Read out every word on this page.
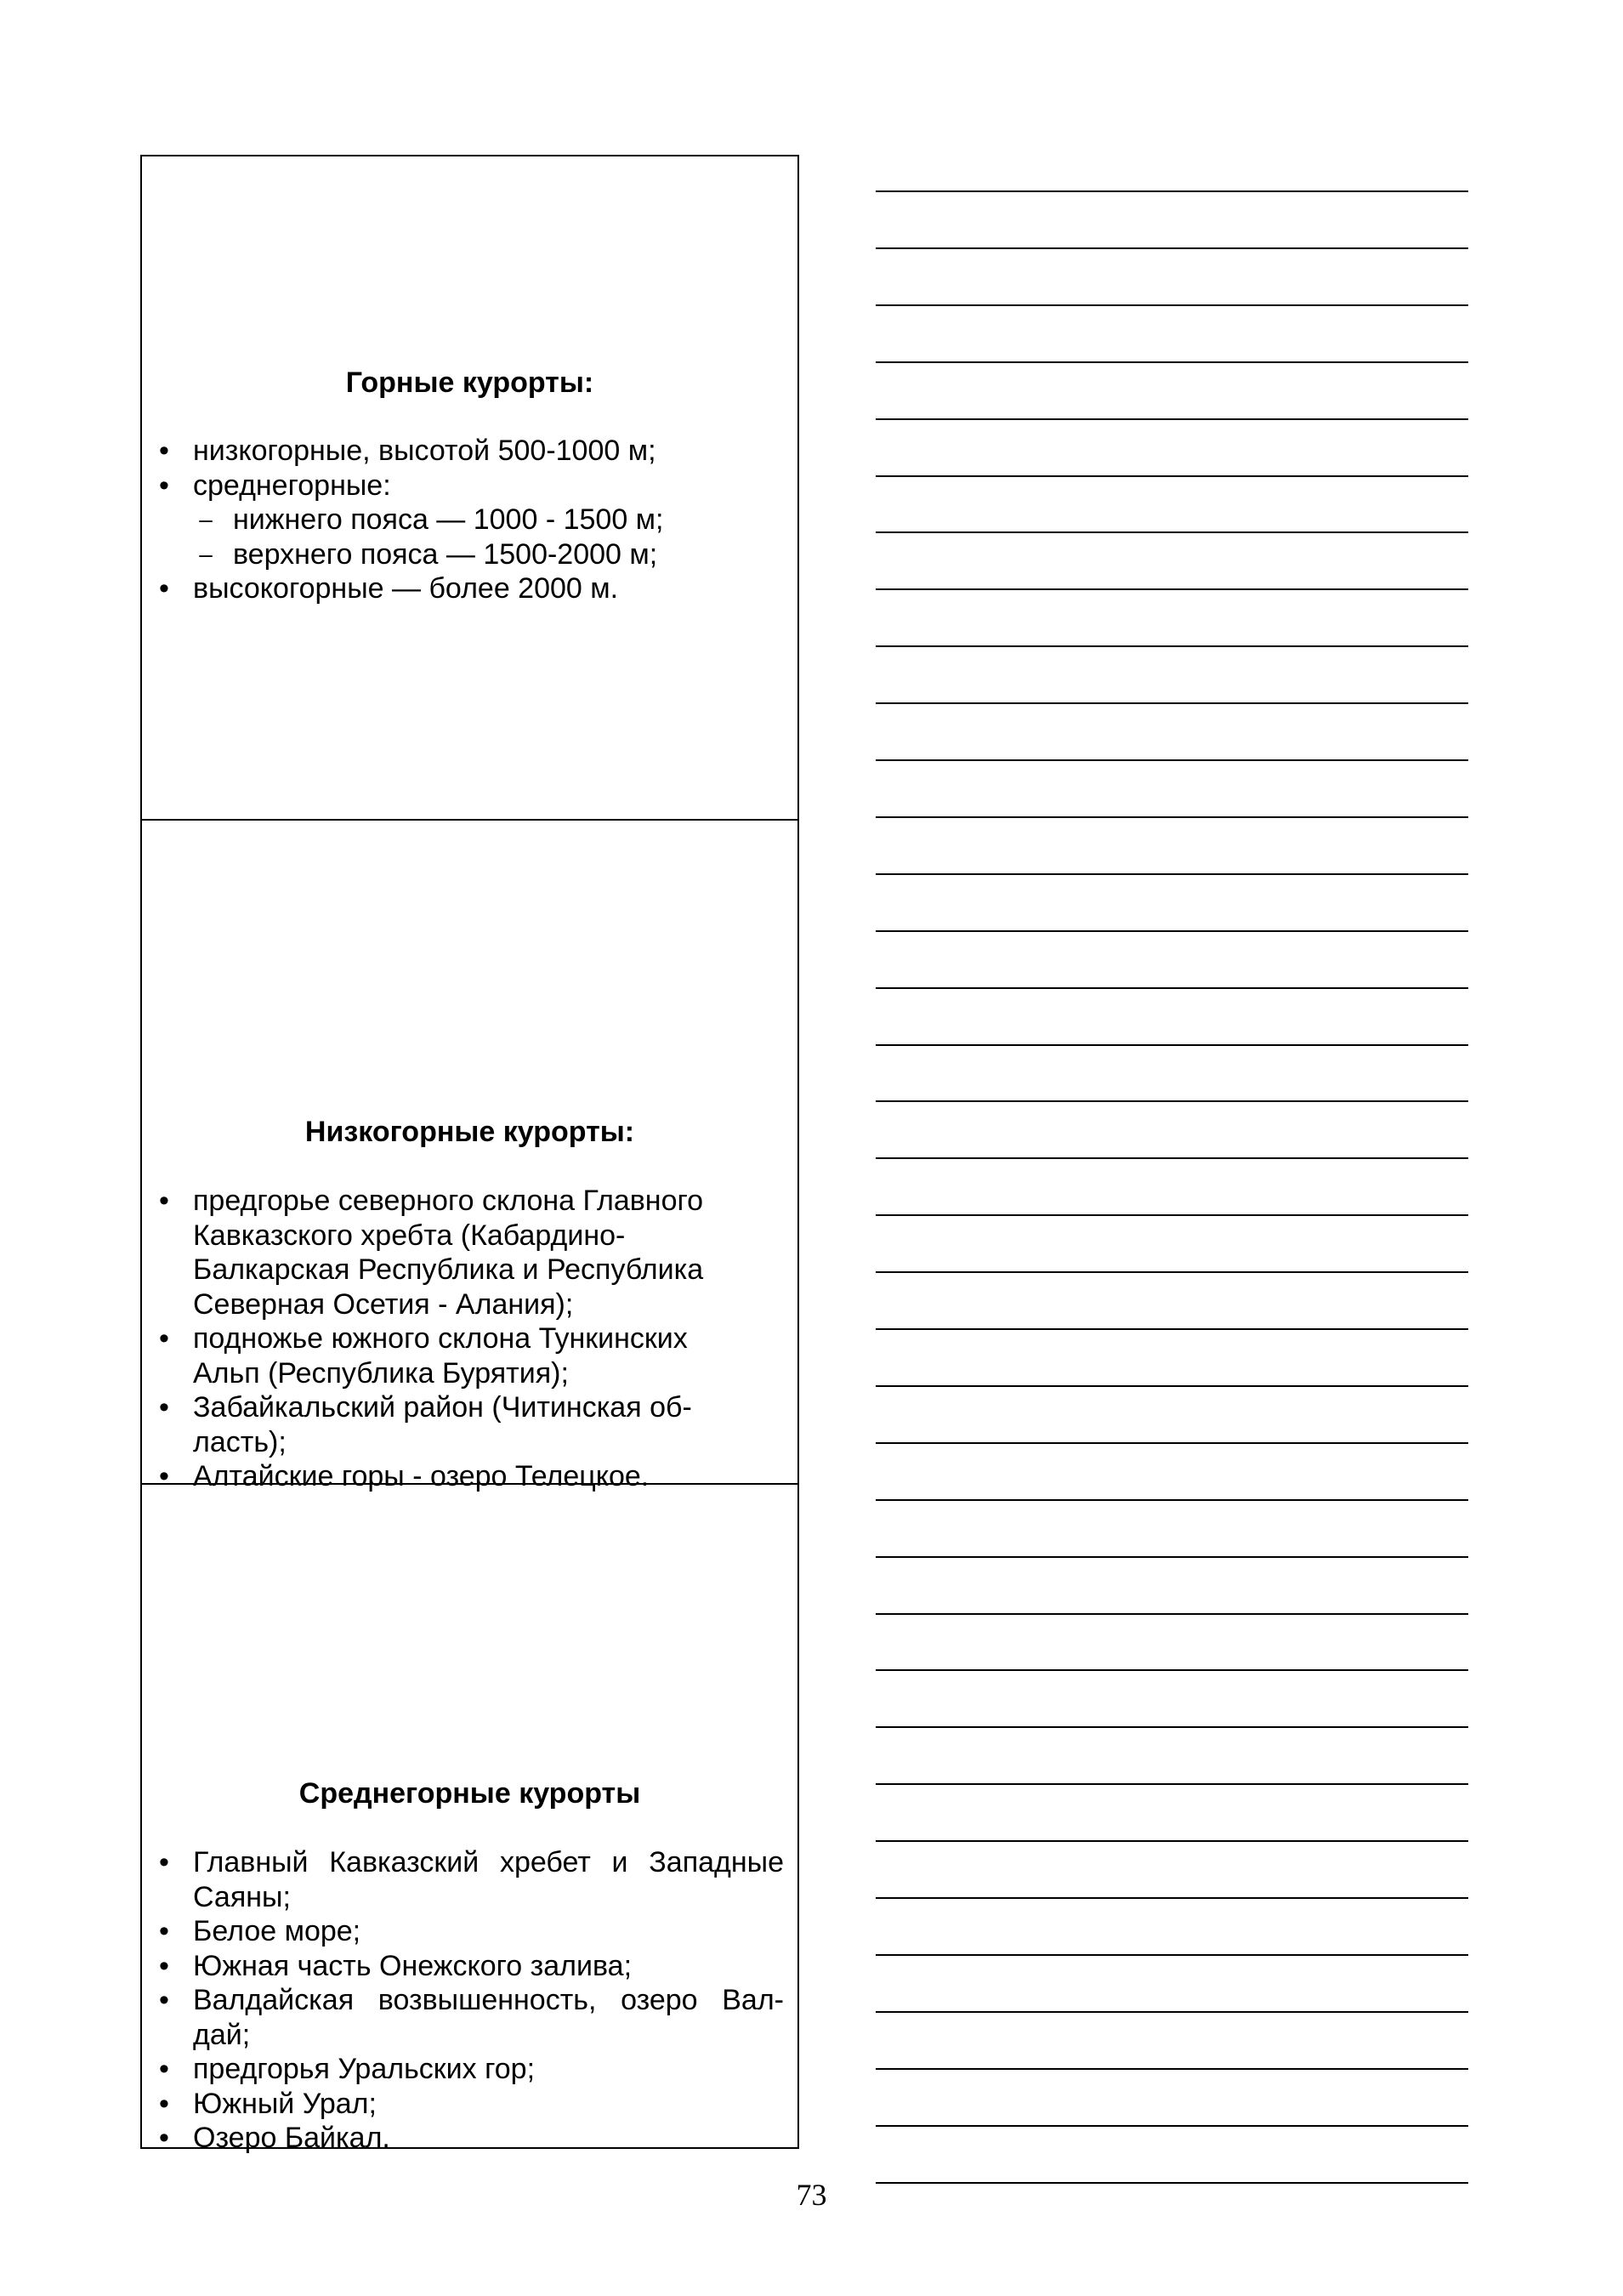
Горные курорты:
• низкогорные, высотой 500-1000 м;
• среднегорные:
– нижнего пояса — 1000 - 1500 м;
– верхнего пояса — 1500-2000 м;
• высокогорные — более 2000 м.
Низкогорные курорты:
• предгорье северного склона Главного
Кавказского хребта (Кабардино-
Балкарская Республика и Республика
Северная Осетия - Алания);
• подножье южного склона Тункинских
Альп (Республика Бурятия);
• Забайкальский район (Читинская об-
ласть);
• Алтайские горы - озеро Телецкое.
Среднегорные курорты
• Главный Кавказский хребет и Западные
Саяны;
• Белое море;
• Южная часть Онежского залива;
• Валдайская возвышенность, озеро Вал-
дай;
• предгорья Уральских гор;
• Южный Урал;
• Озеро Байкал.
73
